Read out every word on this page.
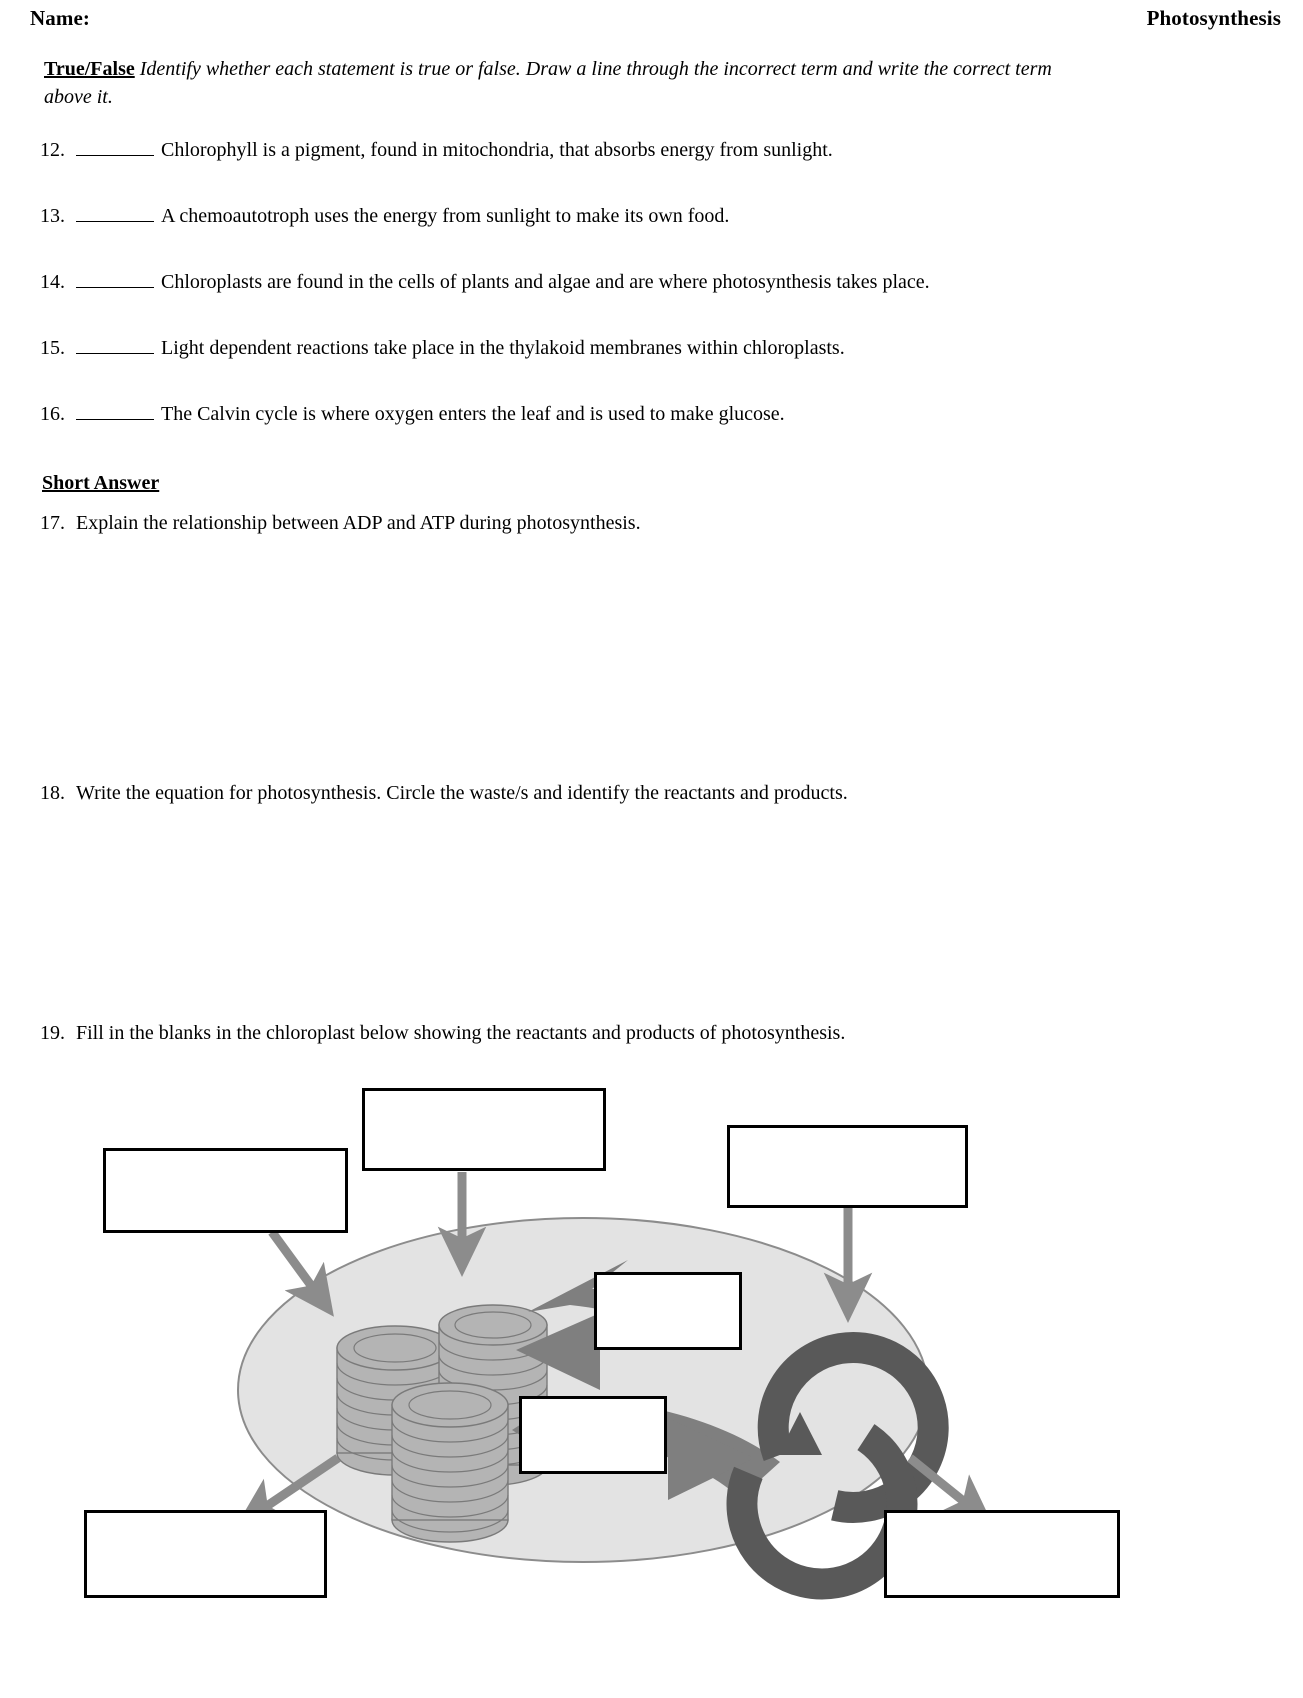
Name:	Photosynthesis
True/False Identify whether each statement is true or false. Draw a line through the incorrect term and write the correct term above it.
12.	Chlorophyll is a pigment, found in mitochondria, that absorbs energy from sunlight.
13.	A chemoautotroph uses the energy from sunlight to make its own food.
14.	Chloroplasts are found in the cells of plants and algae and are where photosynthesis takes place.
15.	Light dependent reactions take place in the thylakoid membranes within chloroplasts.
16.	The Calvin cycle is where oxygen enters the leaf and is used to make glucose.
Short Answer
17. Explain the relationship between ADP and ATP during photosynthesis.
18. Write the equation for photosynthesis. Circle the waste/s and identify the reactants and products.
19. Fill in the blanks in the chloroplast below showing the reactants and products of photosynthesis.
